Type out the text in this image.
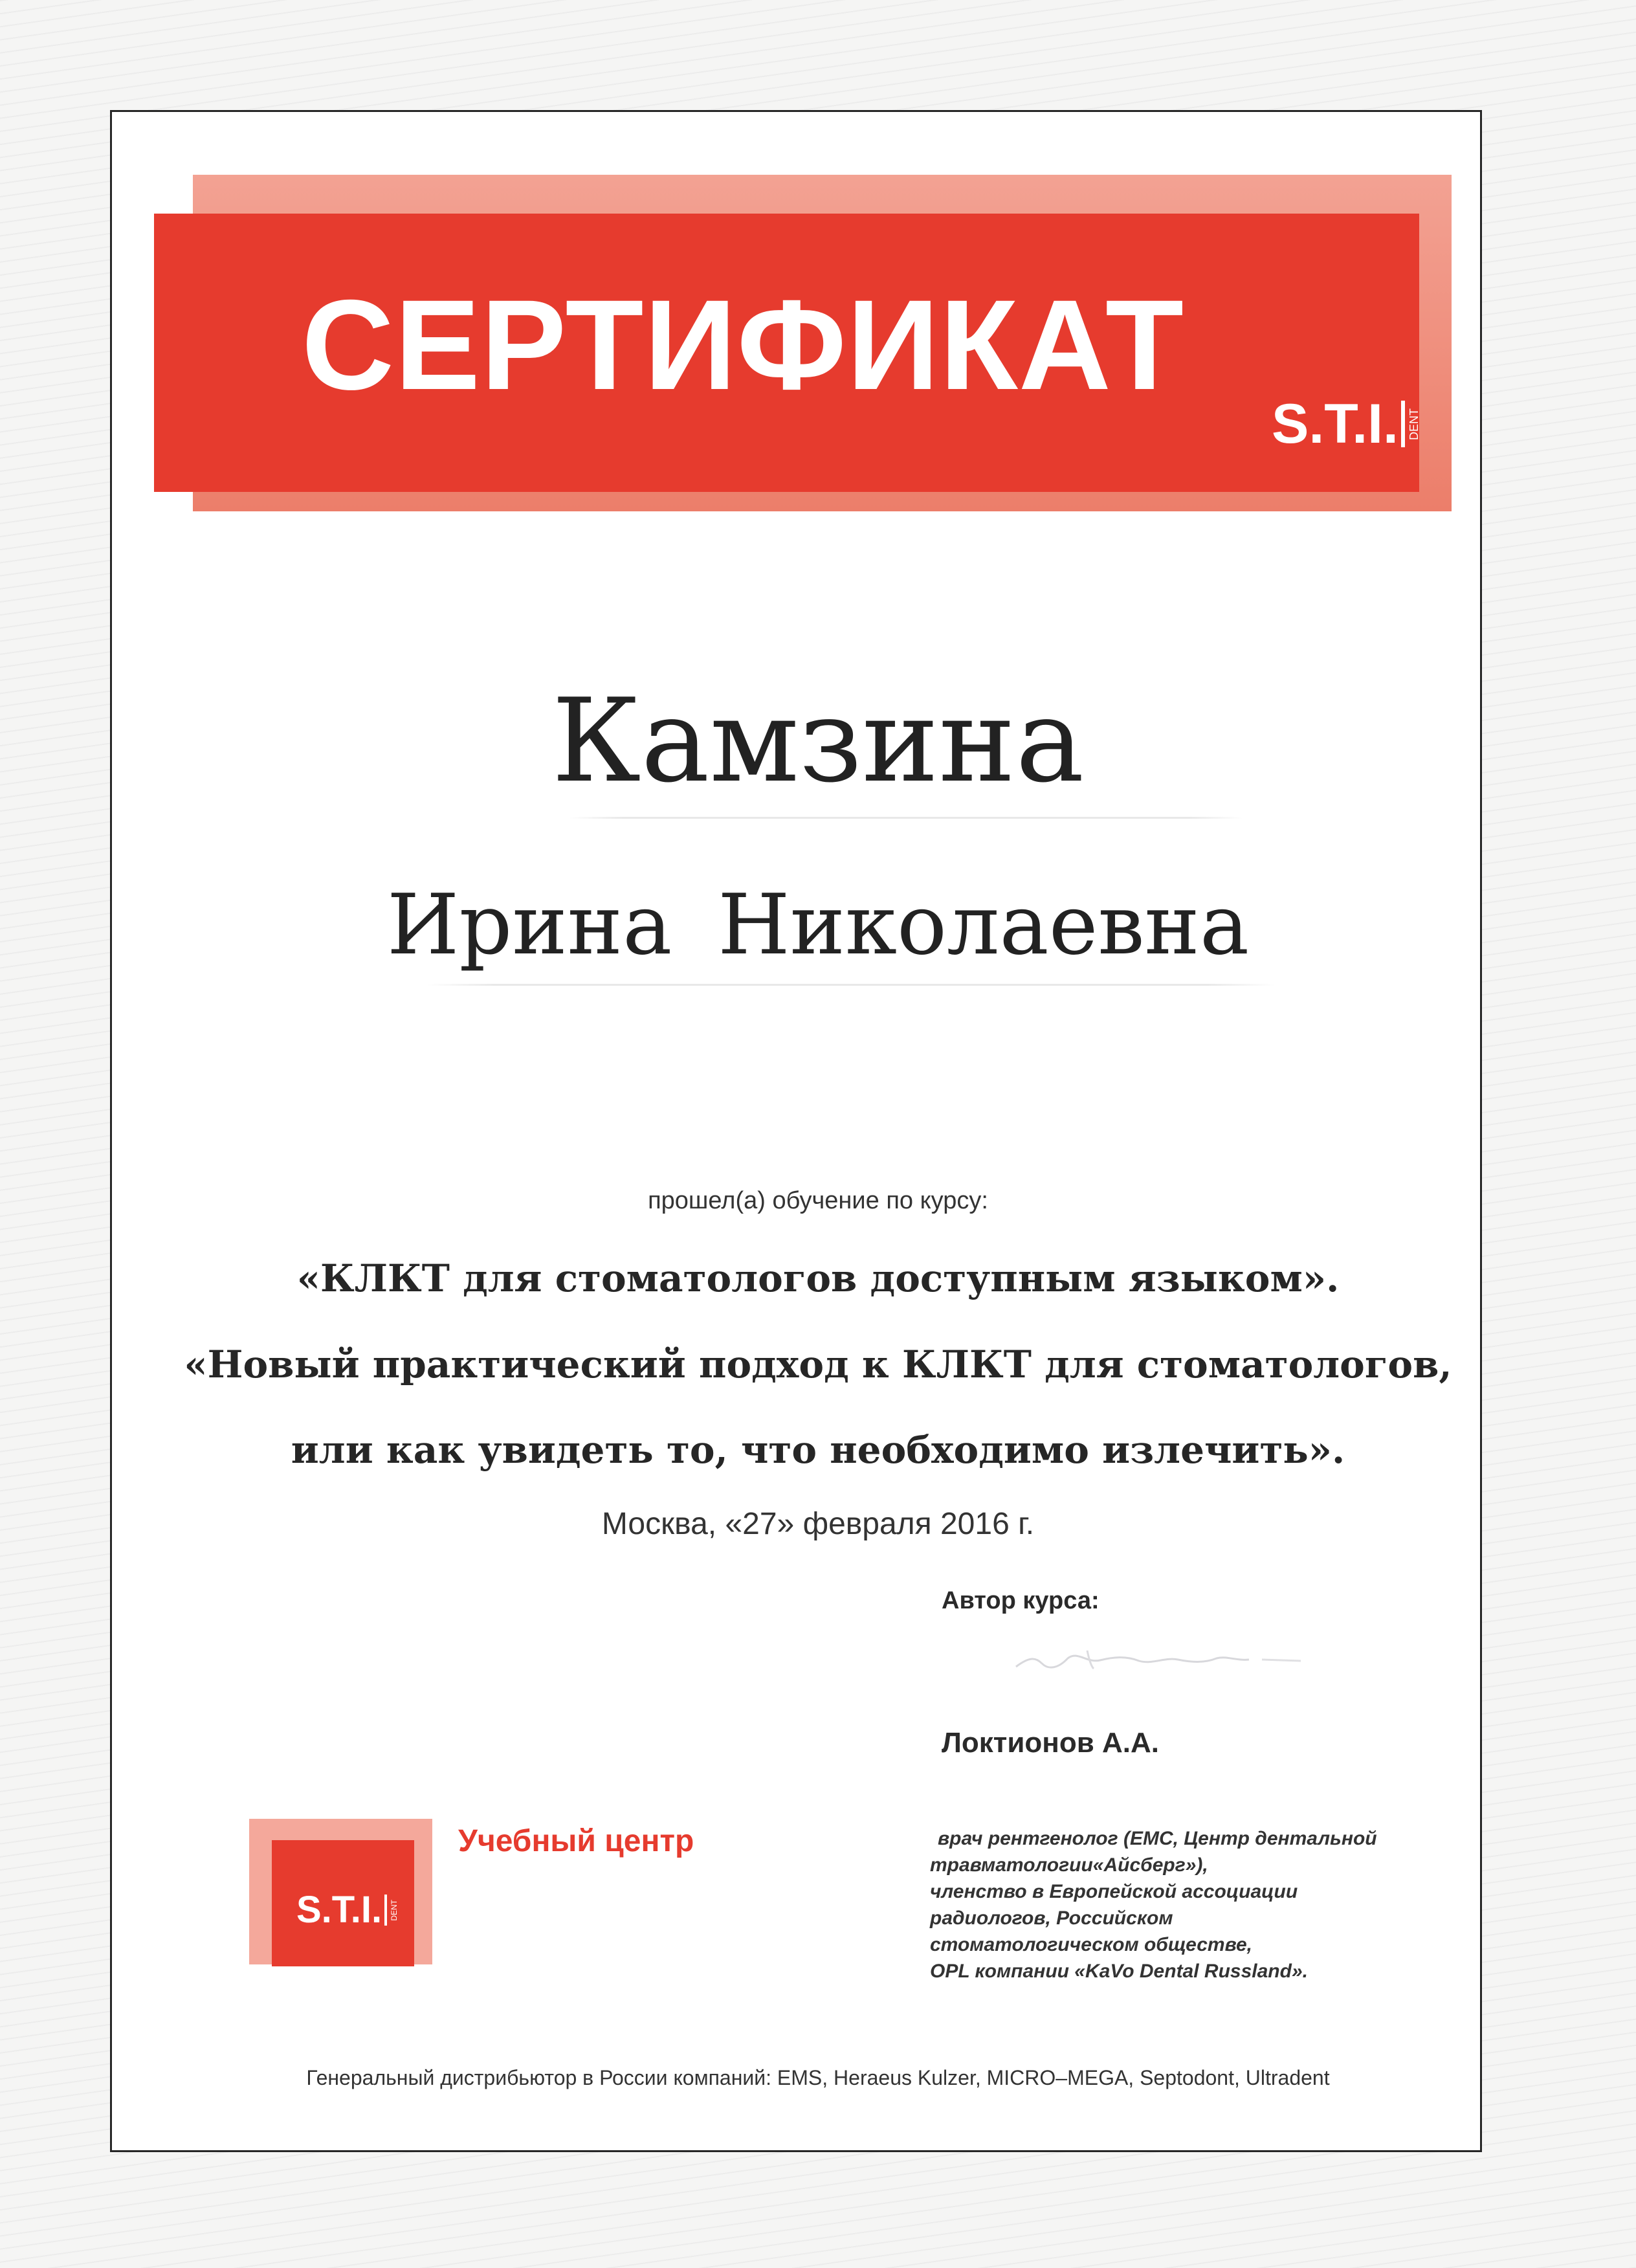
СЕРТИФИКАТ
S.T.I. DENT
Камзина
Ирина Николаевна
прошел(а) обучение по курсу:
«КЛКТ для стоматологов доступным языком».
«Новый практический подход к КЛКТ для стоматологов,
или как увидеть то, что необходимо излечить».
Москва, «27» февраля 2016 г.
Автор курса:
Локтионов А.А.
врач рентгенолог (EMC, Центр дентальной
травматологии«Айсберг»),
членство в Европейской ассоциации
радиологов, Российском
стоматологическом обществе,
OPL компании «KaVo Dental Russland».
S.T.I. DENT
Учебный центр
Генеральный дистрибьютор в России компаний: EMS, Heraeus Kulzer, MICRO–MEGA, Septodont, Ultradent
